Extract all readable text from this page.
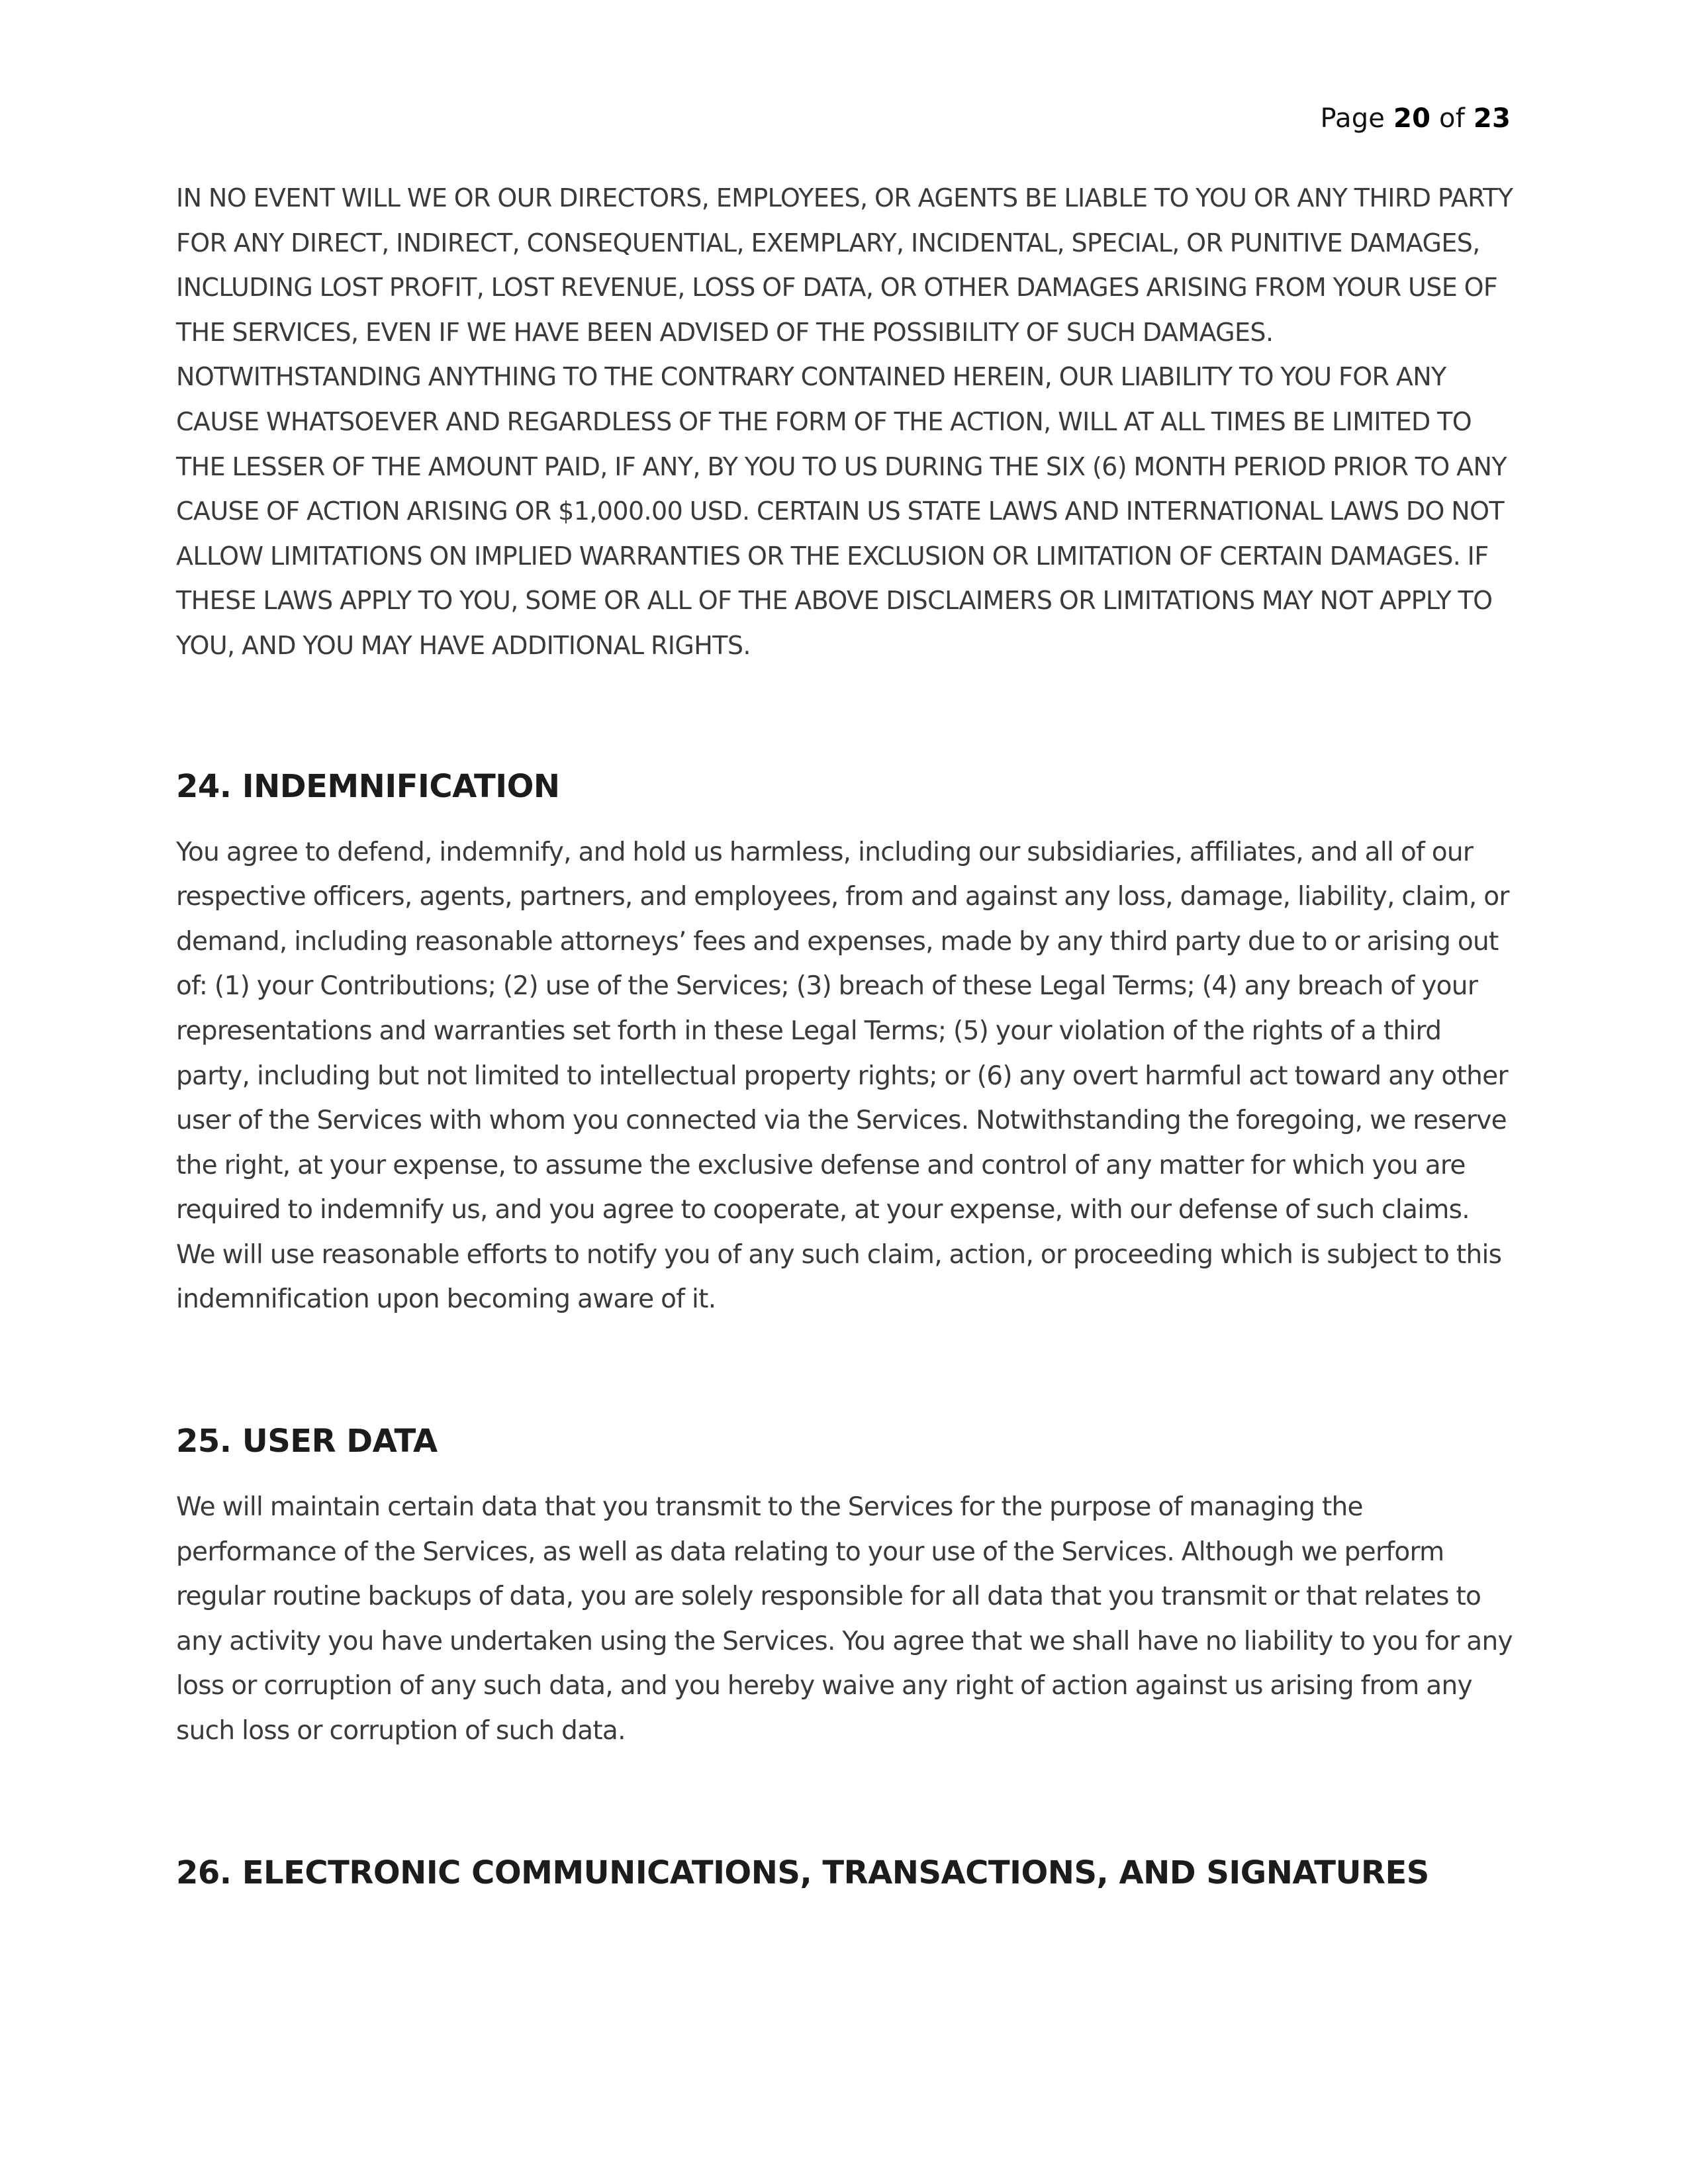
Page 20 of 23

IN NO EVENT WILL WE OR OUR DIRECTORS, EMPLOYEES, OR AGENTS BE LIABLE TO YOU OR ANY THIRD PARTY FOR ANY DIRECT, INDIRECT, CONSEQUENTIAL, EXEMPLARY, INCIDENTAL, SPECIAL, OR PUNITIVE DAMAGES, INCLUDING LOST PROFIT, LOST REVENUE, LOSS OF DATA, OR OTHER DAMAGES ARISING FROM YOUR USE OF THE SERVICES, EVEN IF WE HAVE BEEN ADVISED OF THE POSSIBILITY OF SUCH DAMAGES. NOTWITHSTANDING ANYTHING TO THE CONTRARY CONTAINED HEREIN, OUR LIABILITY TO YOU FOR ANY CAUSE WHATSOEVER AND REGARDLESS OF THE FORM OF THE ACTION, WILL AT ALL TIMES BE LIMITED TO THE LESSER OF THE AMOUNT PAID, IF ANY, BY YOU TO US DURING THE SIX (6) MONTH PERIOD PRIOR TO ANY CAUSE OF ACTION ARISING OR $1,000.00 USD. CERTAIN US STATE LAWS AND INTERNATIONAL LAWS DO NOT ALLOW LIMITATIONS ON IMPLIED WARRANTIES OR THE EXCLUSION OR LIMITATION OF CERTAIN DAMAGES. IF THESE LAWS APPLY TO YOU, SOME OR ALL OF THE ABOVE DISCLAIMERS OR LIMITATIONS MAY NOT APPLY TO YOU, AND YOU MAY HAVE ADDITIONAL RIGHTS.

24. INDEMNIFICATION

You agree to defend, indemnify, and hold us harmless, including our subsidiaries, affiliates, and all of our respective officers, agents, partners, and employees, from and against any loss, damage, liability, claim, or demand, including reasonable attorneys’ fees and expenses, made by any third party due to or arising out of: (1) your Contributions; (2) use of the Services; (3) breach of these Legal Terms; (4) any breach of your representations and warranties set forth in these Legal Terms; (5) your violation of the rights of a third party, including but not limited to intellectual property rights; or (6) any overt harmful act toward any other user of the Services with whom you connected via the Services. Notwithstanding the foregoing, we reserve the right, at your expense, to assume the exclusive defense and control of any matter for which you are required to indemnify us, and you agree to cooperate, at your expense, with our defense of such claims. We will use reasonable efforts to notify you of any such claim, action, or proceeding which is subject to this indemnification upon becoming aware of it.

25. USER DATA

We will maintain certain data that you transmit to the Services for the purpose of managing the performance of the Services, as well as data relating to your use of the Services. Although we perform regular routine backups of data, you are solely responsible for all data that you transmit or that relates to any activity you have undertaken using the Services. You agree that we shall have no liability to you for any loss or corruption of any such data, and you hereby waive any right of action against us arising from any such loss or corruption of such data.

26. ELECTRONIC COMMUNICATIONS, TRANSACTIONS, AND SIGNATURES
